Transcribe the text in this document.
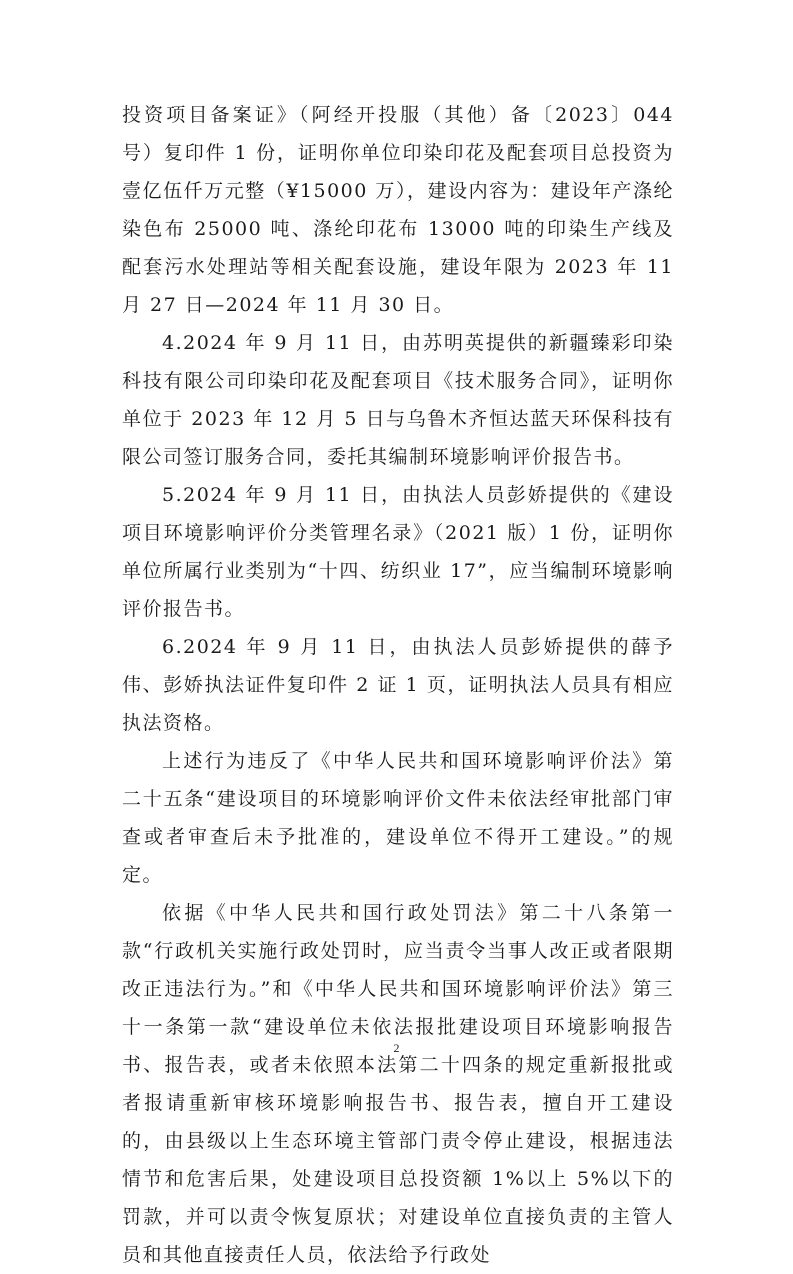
投资项目备案证》（阿经开投服（其他）备〔2023〕044 号）复印件 1 份，证明你单位印染印花及配套项目总投资为壹亿伍仟万元整（¥15000 万），建设内容为：建设年产涤纶染色布 25000 吨、涤纶印花布 13000 吨的印染生产线及配套污水处理站等相关配套设施，建设年限为 2023 年 11 月 27 日—2024 年 11 月 30 日。

4.2024 年 9 月 11 日，由苏明英提供的新疆臻彩印染科技有限公司印染印花及配套项目《技术服务合同》，证明你单位于 2023 年 12 月 5 日与乌鲁木齐恒达蓝天环保科技有限公司签订服务合同，委托其编制环境影响评价报告书。

5.2024 年 9 月 11 日，由执法人员彭娇提供的《建设项目环境影响评价分类管理名录》（2021 版）1 份，证明你单位所属行业类别为“十四、纺织业 17”，应当编制环境影响评价报告书。

6.2024 年 9 月 11 日，由执法人员彭娇提供的薛予伟、彭娇执法证件复印件 2 证 1 页，证明执法人员具有相应执法资格。

上述行为违反了《中华人民共和国环境影响评价法》第二十五条“建设项目的环境影响评价文件未依法经审批部门审查或者审查后未予批准的，建设单位不得开工建设。”的规定。

依据《中华人民共和国行政处罚法》第二十八条第一款“行政机关实施行政处罚时，应当责令当事人改正或者限期改正违法行为。”和《中华人民共和国环境影响评价法》第三十一条第一款“建设单位未依法报批建设项目环境影响报告书、报告表，或者未依照本法第二十四条的规定重新报批或者报请重新审核环境影响报告书、报告表，擅自开工建设的，由县级以上生态环境主管部门责令停止建设，根据违法情节和危害后果，处建设项目总投资额 1%以上 5%以下的罚款，并可以责令恢复原状；对建设单位直接负责的主管人员和其他直接责任人员，依法给予行政处

2
